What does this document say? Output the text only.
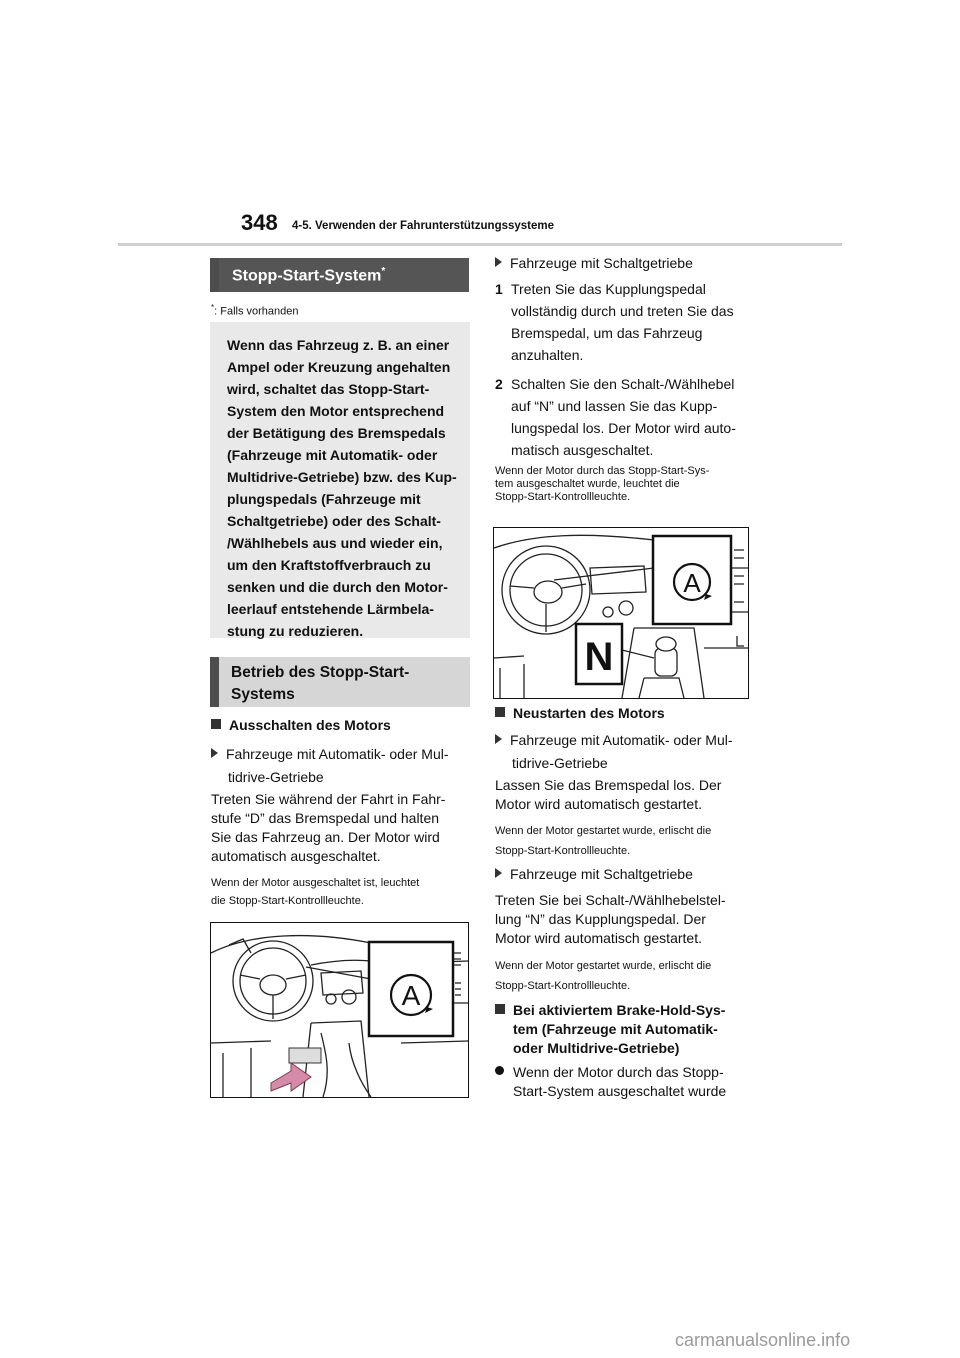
348 4-5. Verwenden der Fahrunterstützungssysteme
Stopp-Start-System*
*: Falls vorhanden
Wenn das Fahrzeug z. B. an einer
Ampel oder Kreuzung angehalten
wird, schaltet das Stopp-Start-
System den Motor entsprechend
der Betätigung des Bremspedals
(Fahrzeuge mit Automatik- oder
Multidrive-Getriebe) bzw. des Kup-
plungspedals (Fahrzeuge mit
Schaltgetriebe) oder des Schalt-
/Wählhebels aus und wieder ein,
um den Kraftstoffverbrauch zu
senken und die durch den Motor-
leerlauf entstehende Lärmbela-
stung zu reduzieren.
Betrieb des Stopp-Start-
Systems
Ausschalten des Motors
Fahrzeuge mit Automatik- oder Mul-
tidrive-Getriebe
Treten Sie während der Fahrt in Fahr-
stufe “D” das Bremspedal und halten
Sie das Fahrzeug an. Der Motor wird
automatisch ausgeschaltet.
Wenn der Motor ausgeschaltet ist, leuchtet
die Stopp-Start-Kontrollleuchte.
A
Fahrzeuge mit Schaltgetriebe
1 Treten Sie das Kupplungspedal
vollständig durch und treten Sie das
Bremspedal, um das Fahrzeug
anzuhalten.
2 Schalten Sie den Schalt-/Wählhebel
auf “N” und lassen Sie das Kupp-
lungspedal los. Der Motor wird auto-
matisch ausgeschaltet.
Wenn der Motor durch das Stopp-Start-Sys-
tem ausgeschaltet wurde, leuchtet die
Stopp-Start-Kontrollleuchte.
A
N
Neustarten des Motors
Fahrzeuge mit Automatik- oder Mul-
tidrive-Getriebe
Lassen Sie das Bremspedal los. Der
Motor wird automatisch gestartet.
Wenn der Motor gestartet wurde, erlischt die
Stopp-Start-Kontrollleuchte.
Fahrzeuge mit Schaltgetriebe
Treten Sie bei Schalt-/Wählhebelstel-
lung “N” das Kupplungspedal. Der
Motor wird automatisch gestartet.
Wenn der Motor gestartet wurde, erlischt die
Stopp-Start-Kontrollleuchte.
Bei aktiviertem Brake-Hold-Sys-
tem (Fahrzeuge mit Automatik-
oder Multidrive-Getriebe)
Wenn der Motor durch das Stopp-
Start-System ausgeschaltet wurde
carmanualsonline.info
